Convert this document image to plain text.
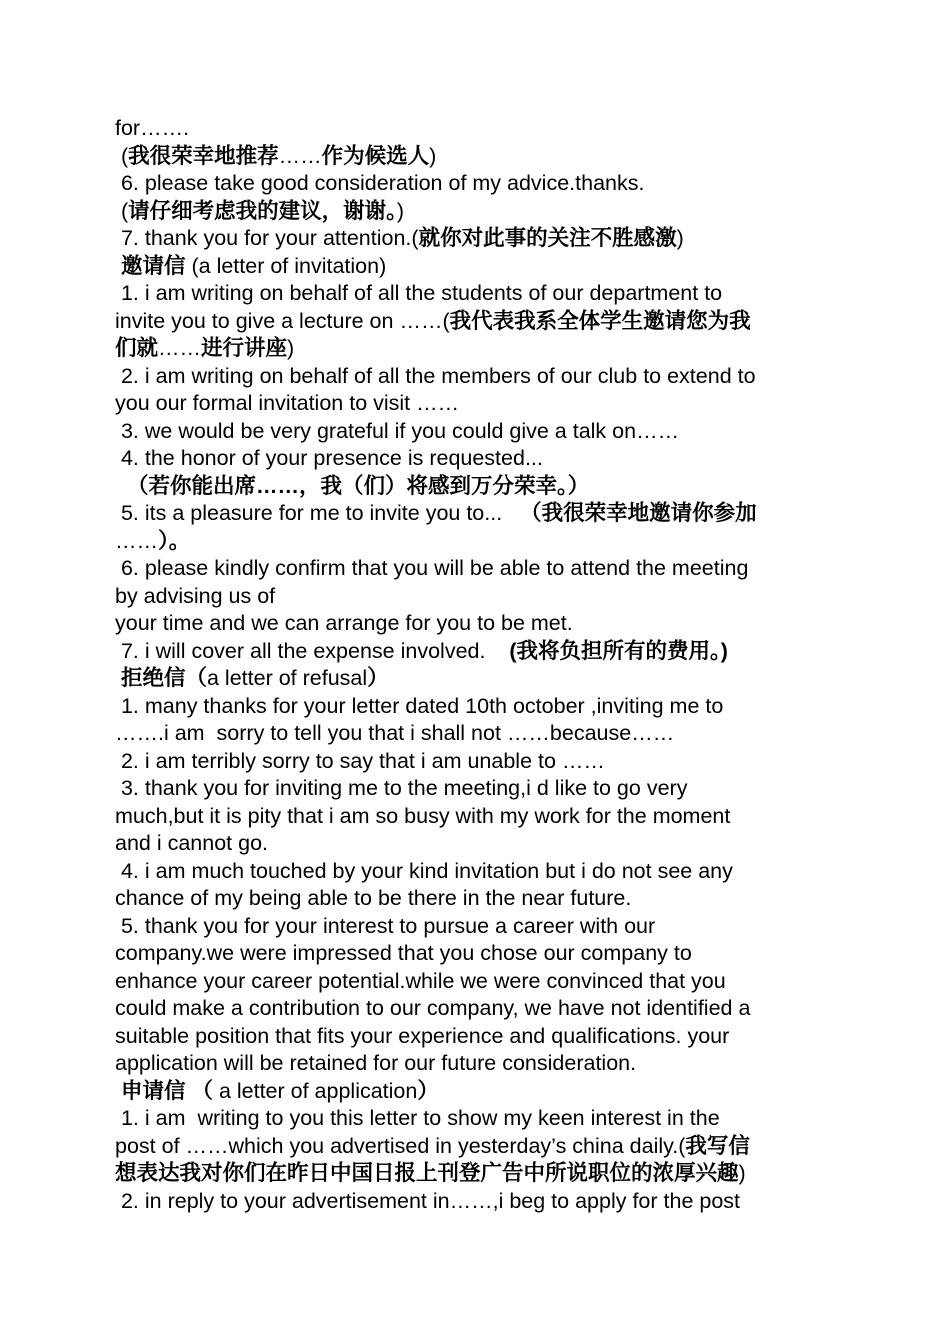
for…….
(我很荣幸地推荐……作为候选人)
6. please take good consideration of my advice.thanks.
(请仔细考虑我的建议，谢谢。)
7. thank you for your attention.(就你对此事的关注不胜感激)
邀请信 (a letter of invitation)
1. i am writing on behalf of all the students of our department to
invite you to give a lecture on ……(我代表我系全体学生邀请您为我
们就……进行讲座)
2. i am writing on behalf of all the members of our club to extend to
you our formal invitation to visit ……
3. we would be very grateful if you could give a talk on……
4. the honor of your presence is requested...
（若你能出席……，我（们）将感到万分荣幸。）
5. its a pleasure for me to invite you to...   （我很荣幸地邀请你参加
……）。
6. please kindly confirm that you will be able to attend the meeting
by advising us of
your time and we can arrange for you to be met.
7. i will cover all the expense involved.    (我将负担所有的费用。)
拒绝信（a letter of refusal）
1. many thanks for your letter dated 10th october ,inviting me to
…….i am  sorry to tell you that i shall not ……because……
2. i am terribly sorry to say that i am unable to ……
3. thank you for inviting me to the meeting,i d like to go very
much,but it is pity that i am so busy with my work for the moment
and i cannot go.
4. i am much touched by your kind invitation but i do not see any
chance of my being able to be there in the near future.
5. thank you for your interest to pursue a career with our
company.we were impressed that you chose our company to
enhance your career potential.while we were convinced that you
could make a contribution to our company, we have not identified a
suitable position that fits your experience and qualifications. your
application will be retained for our future consideration.
申请信 （ a letter of application）
1. i am  writing to you this letter to show my keen interest in the
post of ……which you advertised in yesterday’s china daily.(我写信
想表达我对你们在昨日中国日报上刊登广告中所说职位的浓厚兴趣)
2. in reply to your advertisement in……,i beg to apply for the post
